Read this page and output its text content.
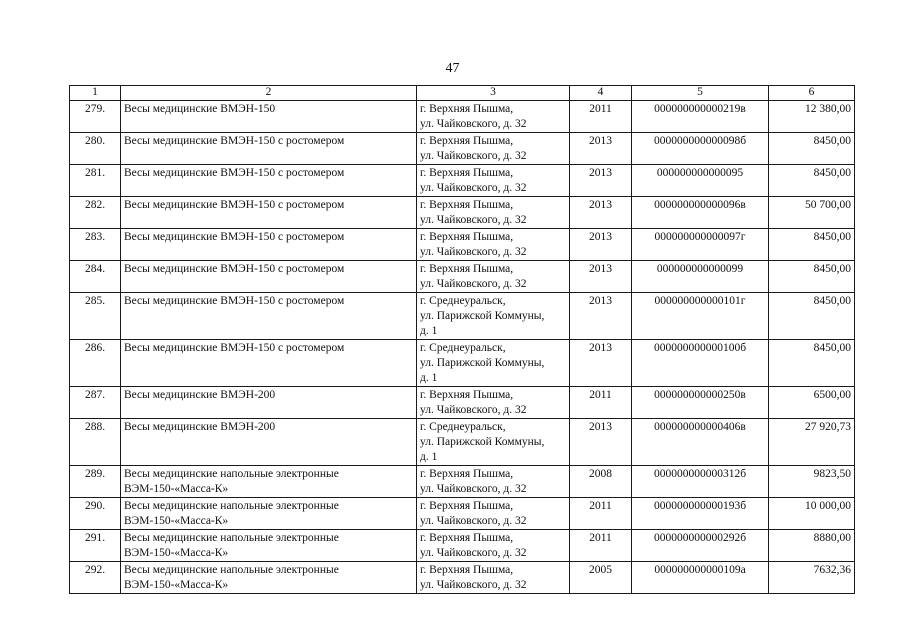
47
1	2	3	4	5	6
279.	Весы медицинские ВМЭН-150	г. Верхняя Пышма,
ул. Чайковского, д. 32	2011	000000000000219в	12 380,00
280.	Весы медицинские ВМЭН-150 с ростомером	г. Верхняя Пышма,
ул. Чайковского, д. 32	2013	000000000000098б	8450,00
281.	Весы медицинские ВМЭН-150 с ростомером	г. Верхняя Пышма,
ул. Чайковского, д. 32	2013	000000000000095	8450,00
282.	Весы медицинские ВМЭН-150 с ростомером	г. Верхняя Пышма,
ул. Чайковского, д. 32	2013	000000000000096в	50 700,00
283.	Весы медицинские ВМЭН-150 с ростомером	г. Верхняя Пышма,
ул. Чайковского, д. 32	2013	000000000000097г	8450,00
284.	Весы медицинские ВМЭН-150 с ростомером	г. Верхняя Пышма,
ул. Чайковского, д. 32	2013	000000000000099	8450,00
285.	Весы медицинские ВМЭН-150 с ростомером	г. Среднеуральск,
ул. Парижской Коммуны,
д. 1	2013	000000000000101г	8450,00
286.	Весы медицинские ВМЭН-150 с ростомером	г. Среднеуральск,
ул. Парижской Коммуны,
д. 1	2013	000000000000100б	8450,00
287.	Весы медицинские ВМЭН-200	г. Верхняя Пышма,
ул. Чайковского, д. 32	2011	000000000000250в	6500,00
288.	Весы медицинские ВМЭН-200	г. Среднеуральск,
ул. Парижской Коммуны,
д. 1	2013	000000000000406в	27 920,73
289.	Весы медицинские напольные электронные
ВЭМ-150-«Масса-К»	г. Верхняя Пышма,
ул. Чайковского, д. 32	2008	000000000000312б	9823,50
290.	Весы медицинские напольные электронные
ВЭМ-150-«Масса-К»	г. Верхняя Пышма,
ул. Чайковского, д. 32	2011	000000000000193б	10 000,00
291.	Весы медицинские напольные электронные
ВЭМ-150-«Масса-К»	г. Верхняя Пышма,
ул. Чайковского, д. 32	2011	000000000000292б	8880,00
292.	Весы медицинские напольные электронные
ВЭМ-150-«Масса-К»	г. Верхняя Пышма,
ул. Чайковского, д. 32	2005	000000000000109а	7632,36
